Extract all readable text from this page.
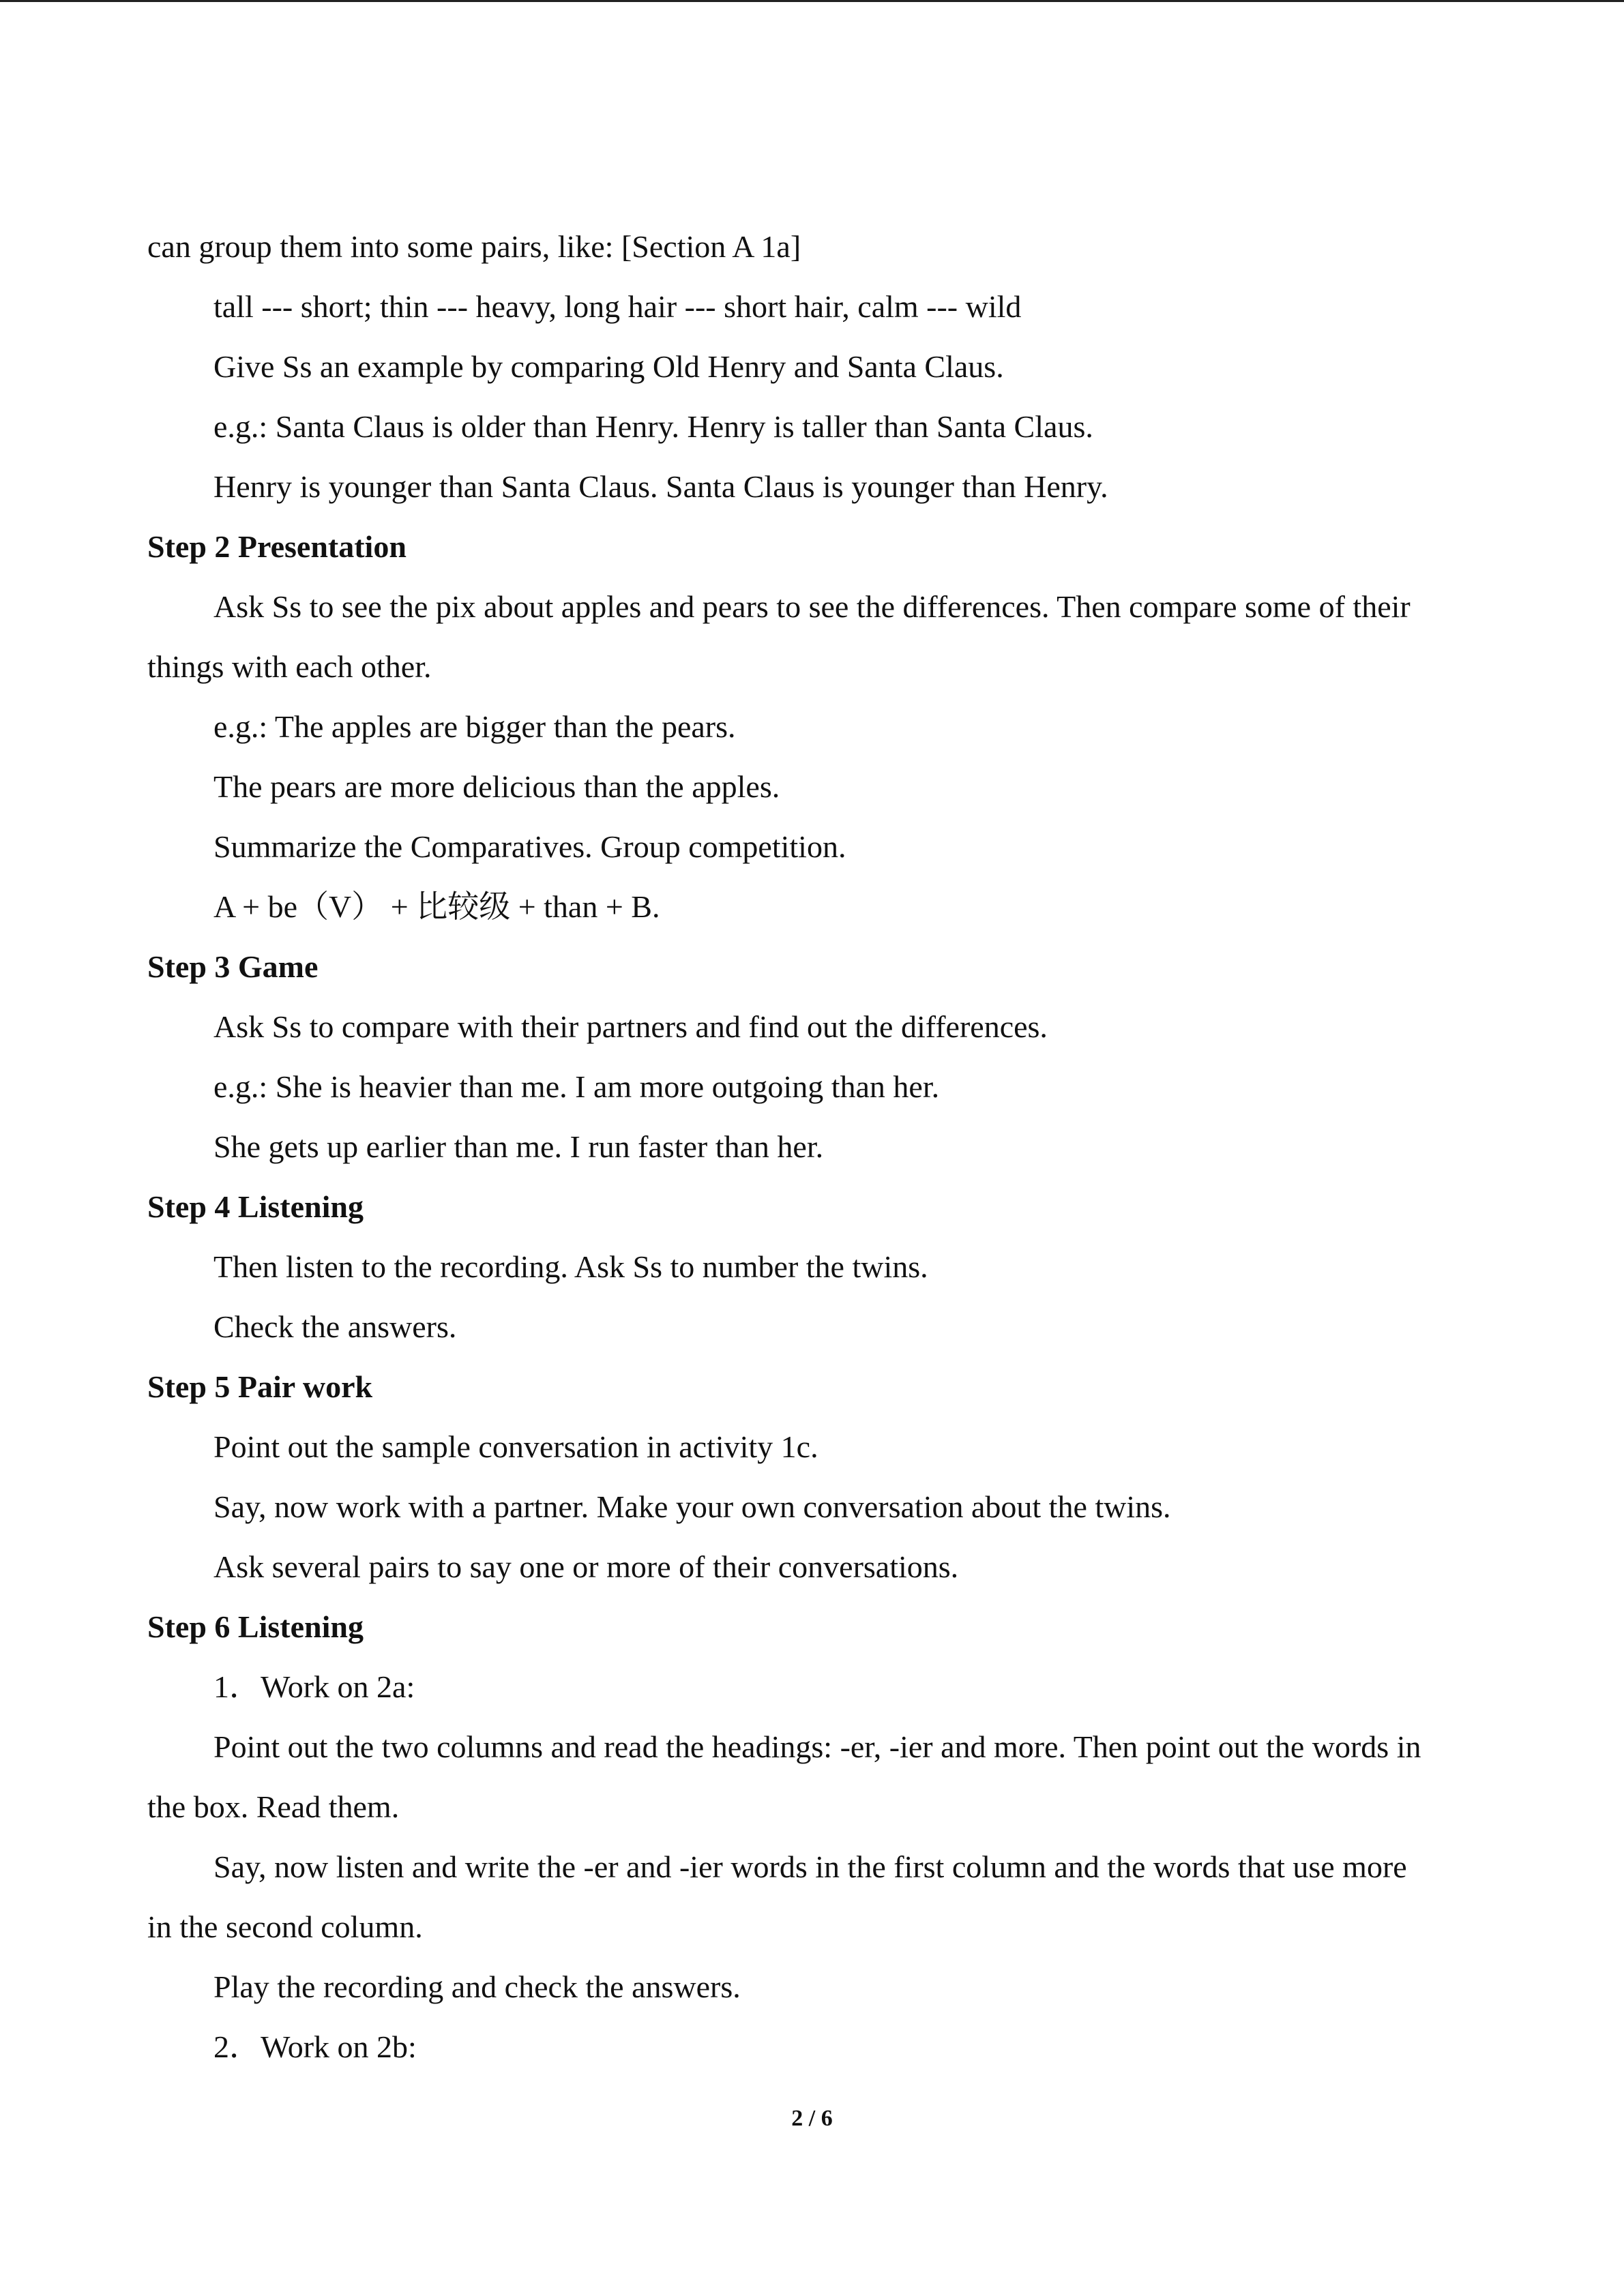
can group them into some pairs, like: [Section A 1a]
tall --- short; thin --- heavy, long hair --- short hair, calm --- wild
Give Ss an example by comparing Old Henry and Santa Claus.
e.g.: Santa Claus is older than Henry. Henry is taller than Santa Claus.
Henry is younger than Santa Claus. Santa Claus is younger than Henry.
Step 2 Presentation
Ask Ss to see the pix about apples and pears to see the differences. Then compare some of their
things with each other.
e.g.: The apples are bigger than the pears.
The pears are more delicious than the apples.
Summarize the Comparatives. Group competition.
A + be（V） + 比较级 + than + B.
Step 3 Game
Ask Ss to compare with their partners and find out the differences.
e.g.: She is heavier than me. I am more outgoing than her.
She gets up earlier than me. I run faster than her.
Step 4 Listening
Then listen to the recording. Ask Ss to number the twins.
Check the answers.
Step 5 Pair work
Point out the sample conversation in activity 1c.
Say, now work with a partner. Make your own conversation about the twins.
Ask several pairs to say one or more of their conversations.
Step 6 Listening
1．Work on 2a:
Point out the two columns and read the headings: -er, -ier and more. Then point out the words in
the box. Read them.
Say, now listen and write the -er and -ier words in the first column and the words that use more
in the second column.
Play the recording and check the answers.
2．Work on 2b:
2 / 6
